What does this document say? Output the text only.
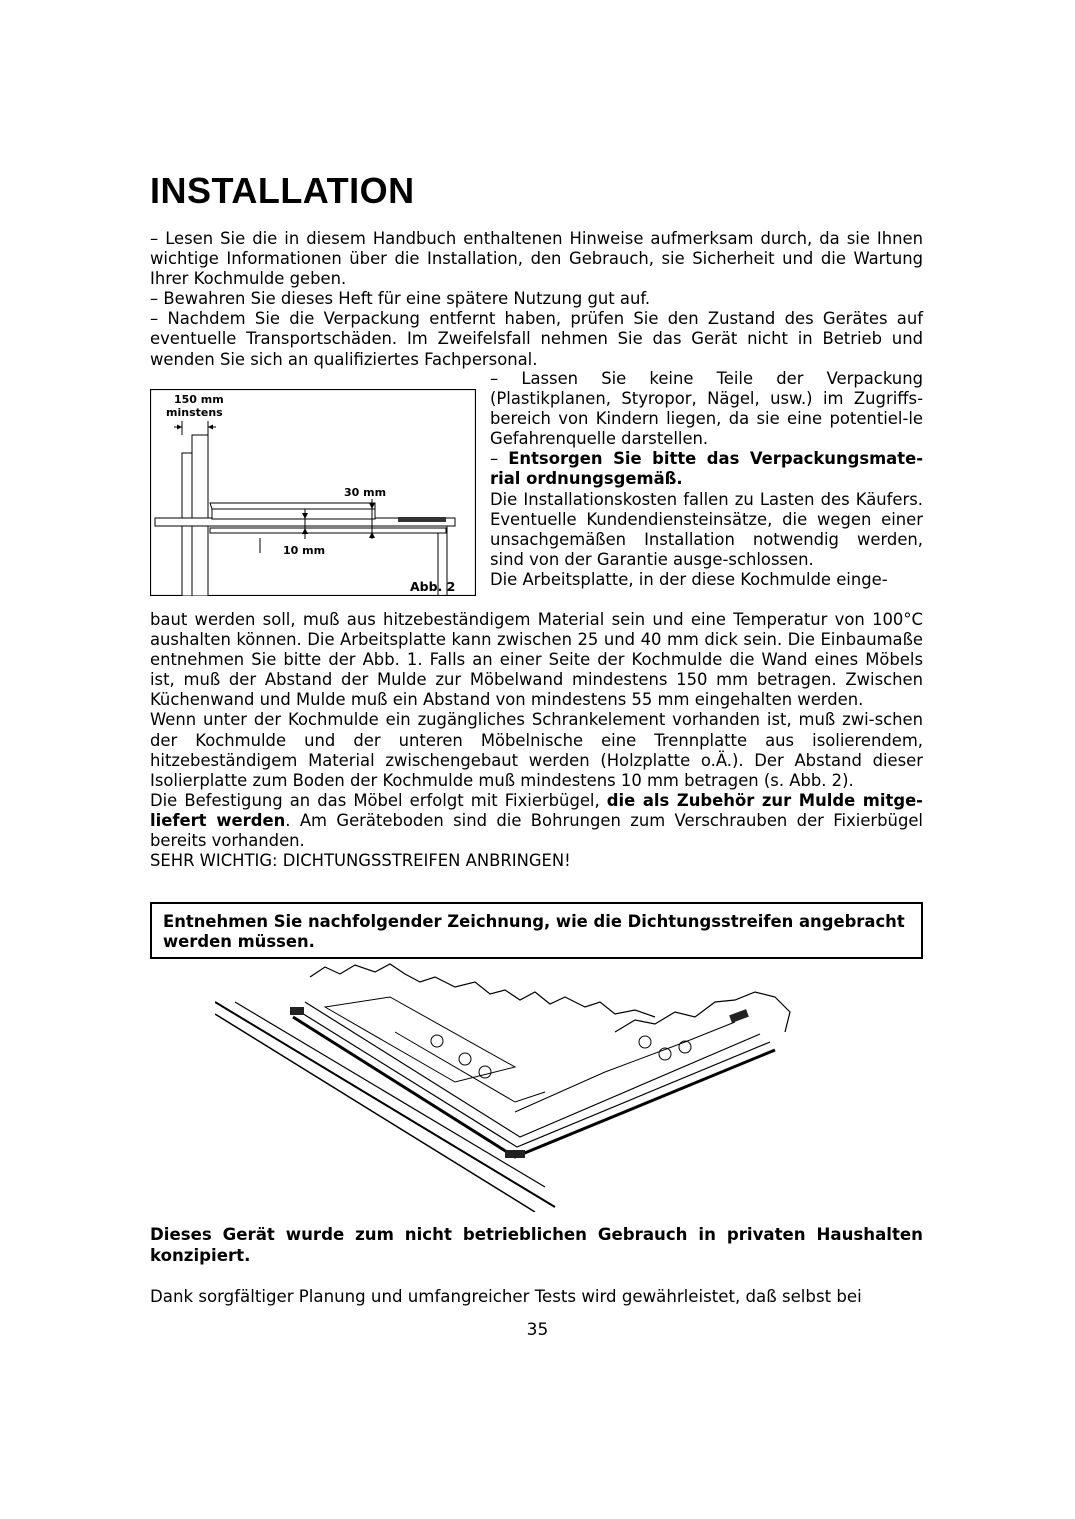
INSTALLATION

– Lesen Sie die in diesem Handbuch enthaltenen Hinweise aufmerksam durch, da sie Ihnen wichtige Informationen über die Installation, den Gebrauch, sie Sicherheit und die Wartung Ihrer Kochmulde geben.

– Bewahren Sie dieses Heft für eine spätere Nutzung gut auf.

– Nachdem Sie die Verpackung entfernt haben, prüfen Sie den Zustand des Gerätes auf eventuelle Transportschäden. Im Zweifelsfall nehmen Sie das Gerät nicht in Betrieb und wenden Sie sich an qualifiziertes Fachpersonal.

150 mm
minstens
30 mm
10 mm
Abb. 2

– Lassen Sie keine Teile der Verpackung (Plastikplanen, Styropor, Nägel, usw.) im Zugriffs-bereich von Kindern liegen, da sie eine potentiel-le Gefahrenquelle darstellen.

– Entsorgen Sie bitte das Verpackungsmate-rial ordnungsgemäß.

Die Installationskosten fallen zu Lasten des Käufers. Eventuelle Kundendiensteinsätze, die wegen einer unsachgemäßen Installation notwendig werden, sind von der Garantie ausge-schlossen.

Die Arbeitsplatte, in der diese Kochmulde einge-

baut werden soll, muß aus hitzebeständigem Material sein und eine Temperatur von 100°C aushalten können. Die Arbeitsplatte kann zwischen 25 und 40 mm dick sein. Die Einbaumaße entnehmen Sie bitte der Abb. 1. Falls an einer Seite der Kochmulde die Wand eines Möbels ist, muß der Abstand der Mulde zur Möbelwand mindestens 150 mm betragen. Zwischen Küchenwand und Mulde muß ein Abstand von mindestens 55 mm eingehalten werden.

Wenn unter der Kochmulde ein zugängliches Schrankelement vorhanden ist, muß zwi-schen der Kochmulde und der unteren Möbelnische eine Trennplatte aus isolierendem, hitzebeständigem Material zwischengebaut werden (Holzplatte o.Ä.). Der Abstand dieser Isolierplatte zum Boden der Kochmulde muß mindestens 10 mm betragen (s. Abb. 2).

Die Befestigung an das Möbel erfolgt mit Fixierbügel, die als Zubehör zur Mulde mitge-liefert werden. Am Geräteboden sind die Bohrungen zum Verschrauben der Fixierbügel bereits vorhanden.

SEHR WICHTIG: DICHTUNGSSTREIFEN ANBRINGEN!

Entnehmen Sie nachfolgender Zeichnung, wie die Dichtungsstreifen angebracht werden müssen.

Dieses Gerät wurde zum nicht betrieblichen Gebrauch in privaten Haushalten konzipiert.

Dank sorgfältiger Planung und umfangreicher Tests wird gewährleistet, daß selbst bei

35
